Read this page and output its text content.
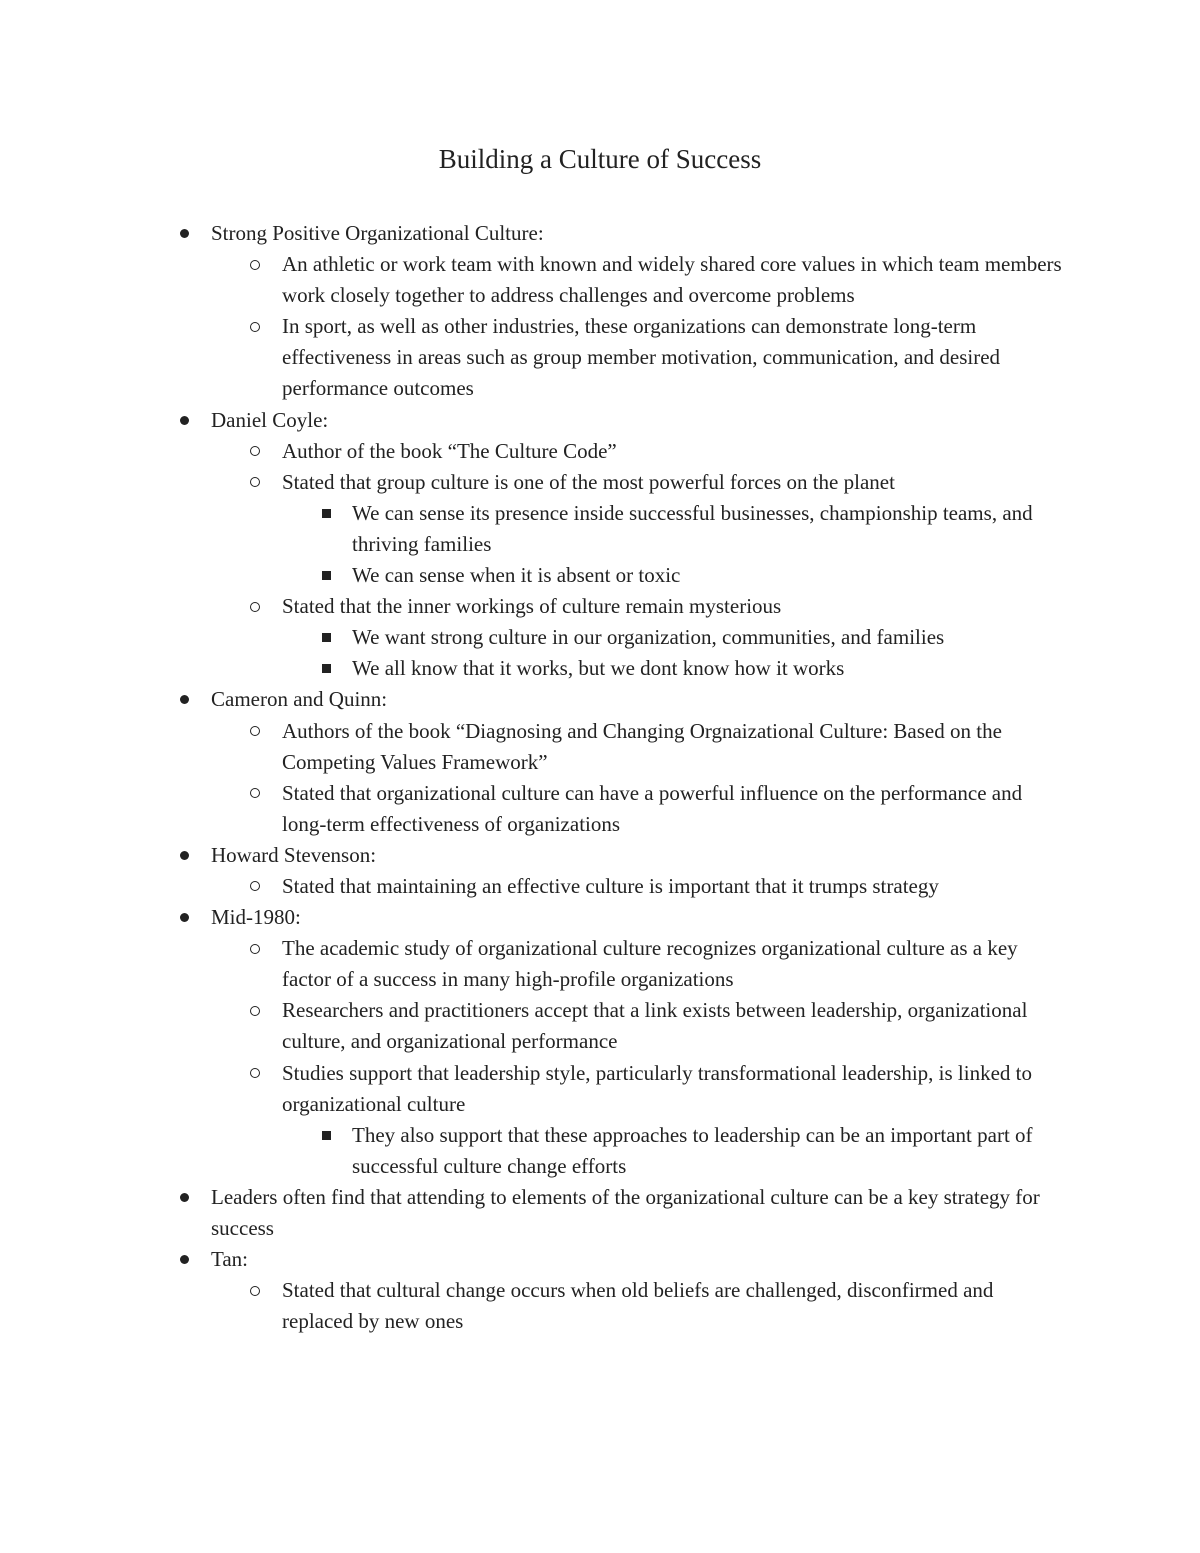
Building a Culture of Success
Strong Positive Organizational Culture:
An athletic or work team with known and widely shared core values in which team members work closely together to address challenges and overcome problems
In sport, as well as other industries, these organizations can demonstrate long-term effectiveness in areas such as group member motivation, communication, and desired performance outcomes
Daniel Coyle:
Author of the book “The Culture Code”
Stated that group culture is one of the most powerful forces on the planet
We can sense its presence inside successful businesses, championship teams, and thriving families
We can sense when it is absent or toxic
Stated that the inner workings of culture remain mysterious
We want strong culture in our organization, communities, and families
We all know that it works, but we dont know how it works
Cameron and Quinn:
Authors of the book “Diagnosing and Changing Orgnaizational Culture: Based on the Competing Values Framework”
Stated that organizational culture can have a powerful influence on the performance and long-term effectiveness of organizations
Howard Stevenson:
Stated that maintaining an effective culture is important that it trumps strategy
Mid-1980:
The academic study of organizational culture recognizes organizational culture as a key factor of a success in many high-profile organizations
Researchers and practitioners accept that a link exists between leadership, organizational culture, and organizational performance
Studies support that leadership style, particularly transformational leadership, is linked to organizational culture
They also support that these approaches to leadership can be an important part of successful culture change efforts
Leaders often find that attending to elements of the organizational culture can be a key strategy for success
Tan:
Stated that cultural change occurs when old beliefs are challenged, disconfirmed and replaced by new ones
